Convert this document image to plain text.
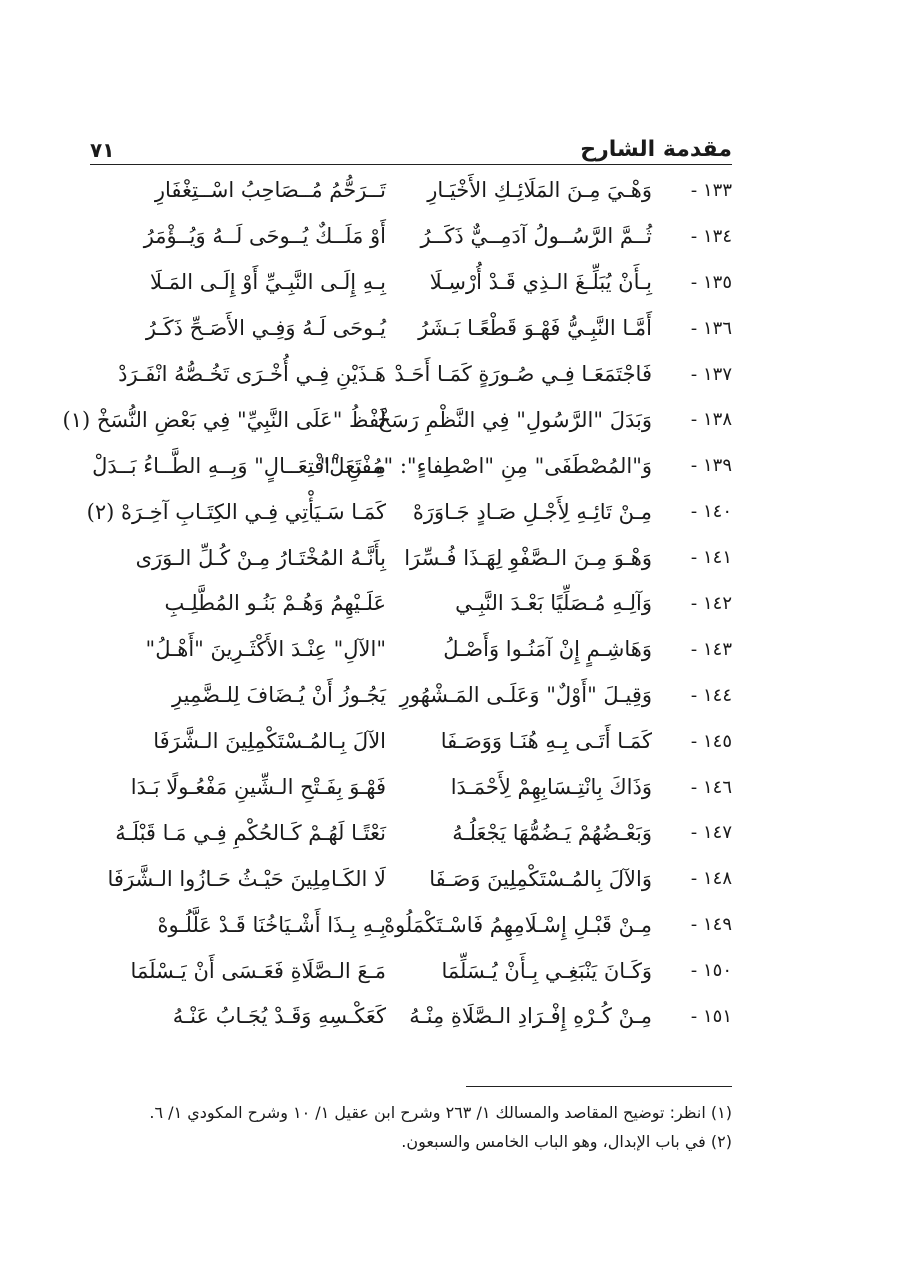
مقدمة الشارح
٧١
١٣٣ -
وَهْـيَ مِـنَ المَلَائِـكِ الأَخْيَـارِ
تَــرَحُّمُ مُــصَاحِبُ اسْــتِغْفَارِ
١٣٤ -
ثُــمَّ الرَّسُــولُ آدَمِــيٌّ ذَكَــرُ
أَوْ مَلَــكٌ يُــوحَى لَــهُ وَيُــؤْمَرُ
١٣٥ -
بِـأَنْ يُبَلِّـغَ الـذِي قَـدْ أُرْسِـلَا
بِـهِ إِلَـى النَّبِـيِّ أَوْ إِلَـى المَـلَا
١٣٦ -
أَمَّـا النَّبِـيُّ فَهْـوَ قَطْعًـا بَـشَرُ
يُـوحَى لَـهُ وَفِـي الأَصَـحِّ ذَكَـرُ
١٣٧ -
فَاجْتَمَعَـا فِـي صُـورَةٍ كَمَـا أَحَـدْ
هَـذَيْنِ فِـي أُخْـرَى تَخُـصُّهُ انْفَـرَدْ
١٣٨ -
وَبَدَلَ "الرَّسُولِ" فِي النَّظْمِ رَسَخْ
لَفْظُ "عَلَى النَّبِيِّ" فِي بَعْضِ النُّسَخْ (١)
١٣٩ -
وَ"المُصْطَفَى" مِنِ "اصْطِفاءٍ": "مُفْتَعَلْ"
مِــنِ "افْتِعَــالٍ" وَبِــهِ الطَّــاءُ بَــدَلْ
١٤٠ -
مِـنْ تَائِـهِ لِأَجْـلِ صَـادٍ جَـاوَرَهْ
كَمَـا سَـيَأْتِي فِـي الكِتَـابِ آخِـرَهْ (٢)
١٤١ -
وَهْـوَ مِـنَ الـصَّفْوِ لِهَـذَا فُـسِّرَا
بِأَنَّـهُ المُخْتَـارُ مِـنْ كُـلِّ الـوَرَى
١٤٢ -
وَآلِـهِ مُـصَلِّيًا بَعْـدَ النَّبِـي
عَلَـيْهِمُ وَهُـمْ بَنُـو المُطَّلِـبِ
١٤٣ -
وَهَاشِـمٍ إِنْ آمَنُـوا وَأَصْـلُ
"الآلِ" عِنْـدَ الأَكْثَـرِينَ "أَهْـلُ"
١٤٤ -
وَقِيـلَ "أَوْلٌ" وَعَلَـى المَـشْهُورِ
يَجُـوزُ أَنْ يُـضَافَ لِلـضَّمِيرِ
١٤٥ -
كَمَـا أَتَـى بِـهِ هُنَـا وَوَصَـفَا
الآلَ بِـالمُـسْتَكْمِلِينَ الـشَّرَفَا
١٤٦ -
وَذَاكَ بِانْتِـسَابِهِمْ لِأَحْمَـدَا
فَهْـوَ بِفَـتْحِ الـشِّينِ مَفْعُـولًا بَـدَا
١٤٧ -
وَبَعْـضُهُمْ يَـضُمُّهَا يَجْعَلُـهُ
نَعْتًـا لَهُـمْ كَـالحُكْمِ فِـي مَـا قَبْلَـهُ
١٤٨ -
وَالآلَ بِالمُـسْتَكْمِلِينَ وَصَـفَا
لَا الكَـامِلِينَ حَيْـثُ حَـازُوا الـشَّرَفَا
١٤٩ -
مِـنْ قَبْـلِ إِسْـلَامِهِمُ فَاسْـتَكْمَلُوهْ
بِـهِ بِـذَا أَشْـيَاخُنَا قَـدْ عَلَّلُـوهْ
١٥٠ -
وَكَـانَ يَنْبَغِـي بِـأَنْ يُـسَلِّمَا
مَـعَ الـصَّلَاةِ فَعَـسَى أَنْ يَـسْلَمَا
١٥١ -
مِـنْ كُـرْهِ إِفْـرَادِ الـصَّلَاةِ مِنْـهُ
كَعَكْـسِهِ وَقَـدْ يُجَـابُ عَنْـهُ
(١) انظر: توضيح المقاصد والمسالك ١/ ٢٦٣ وشرح ابن عقيل ١/ ١٠ وشرح المكودي ١/ ٦.
(٢) في باب الإبدال، وهو الباب الخامس والسبعون.
